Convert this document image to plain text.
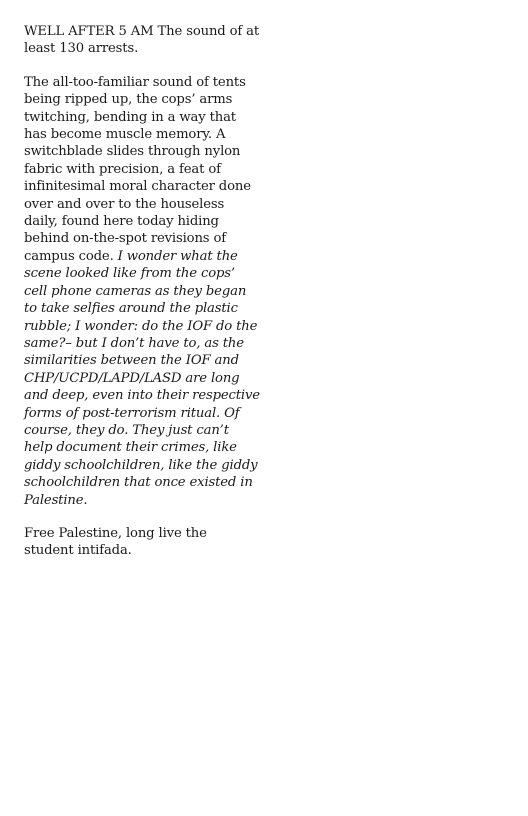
WELL AFTER 5 AM The sound of at least 130 arrests.

The all-too-familiar sound of tents being ripped up, the cops’ arms twitching, bending in a way that has become muscle memory. A switchblade slides through nylon fabric with precision, a feat of infinitesimal moral character done over and over to the houseless daily, found here today hiding behind on-the-spot revisions of campus code. I wonder what the scene looked like from the cops’ cell phone cameras as they began to take selfies around the plastic rubble; I wonder: do the IOF do the same?– but I don’t have to, as the similarities between the IOF and CHP/UCPD/LAPD/LASD are long and deep, even into their respective forms of post-terrorism ritual. Of course, they do. They just can’t help document their crimes, like giddy schoolchildren, like the giddy schoolchildren that once existed in Palestine.

Free Palestine, long live the student intifada.
